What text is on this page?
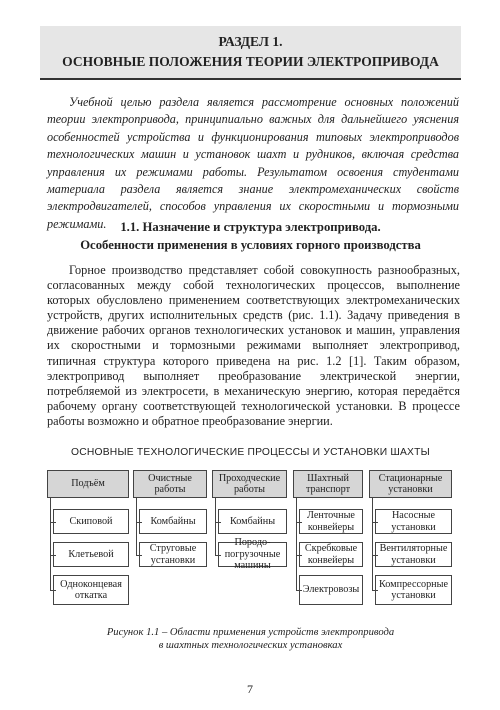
РАЗДЕЛ 1.
ОСНОВНЫЕ ПОЛОЖЕНИЯ ТЕОРИИ ЭЛЕКТРОПРИВОДА
Учебной целью раздела является рассмотрение основных положений теории электропривода, принципиально важных для дальнейшего уяснения особенностей устройства и функционирования типовых электроприводов технологических машин и установок шахт и рудников, включая средства управления их режимами работы. Результатом освоения студентами материала раздела является знание электромеханических свойств электродвигателей, способов управления их скоростными и тормозными режимами.	1.1. Назначение и структура электропривода.
Особенности применения в условиях горного производства
Горное производство представляет собой совокупность разнообразных, согласованных между собой технологических процессов, выполнение которых обусловлено применением соответствующих электромеханических устройств, других исполнительных средств (рис. 1.1). Задачу приведения в движение рабочих органов технологических установок и машин, управления их скоростными и тормозными режимами выполняет электропривод, типичная структура которого приведена на рис. 1.2 [1]. Таким образом, электропривод выполняет преобразование электрической энергии, потребляемой из электросети, в механическую энергию, которая передаётся рабочему органу соответствующей технологической установки. В процессе работы возможно и обратное преобразование энергии.
ОСНОВНЫЕ ТЕХНОЛОГИЧЕСКИЕ ПРОЦЕССЫ И УСТАНОВКИ ШАХТЫ
Подъём
Скиповой
Клетьевой
Одноконцевая
откатка
Очистные
работы
Комбайны
Струговые
установки
Проходческие
работы
Комбайны
Породо-
погрузочные
машины
Шахтный
транспорт
Ленточные
конвейеры
Скребковые
конвейеры
Электровозы
Стационарные
установки
Насосные
установки
Вентиляторные
установки
Компрессорные
установки
Рисунок 1.1 – Области применения устройств электропривода
в шахтных технологических установках
7
